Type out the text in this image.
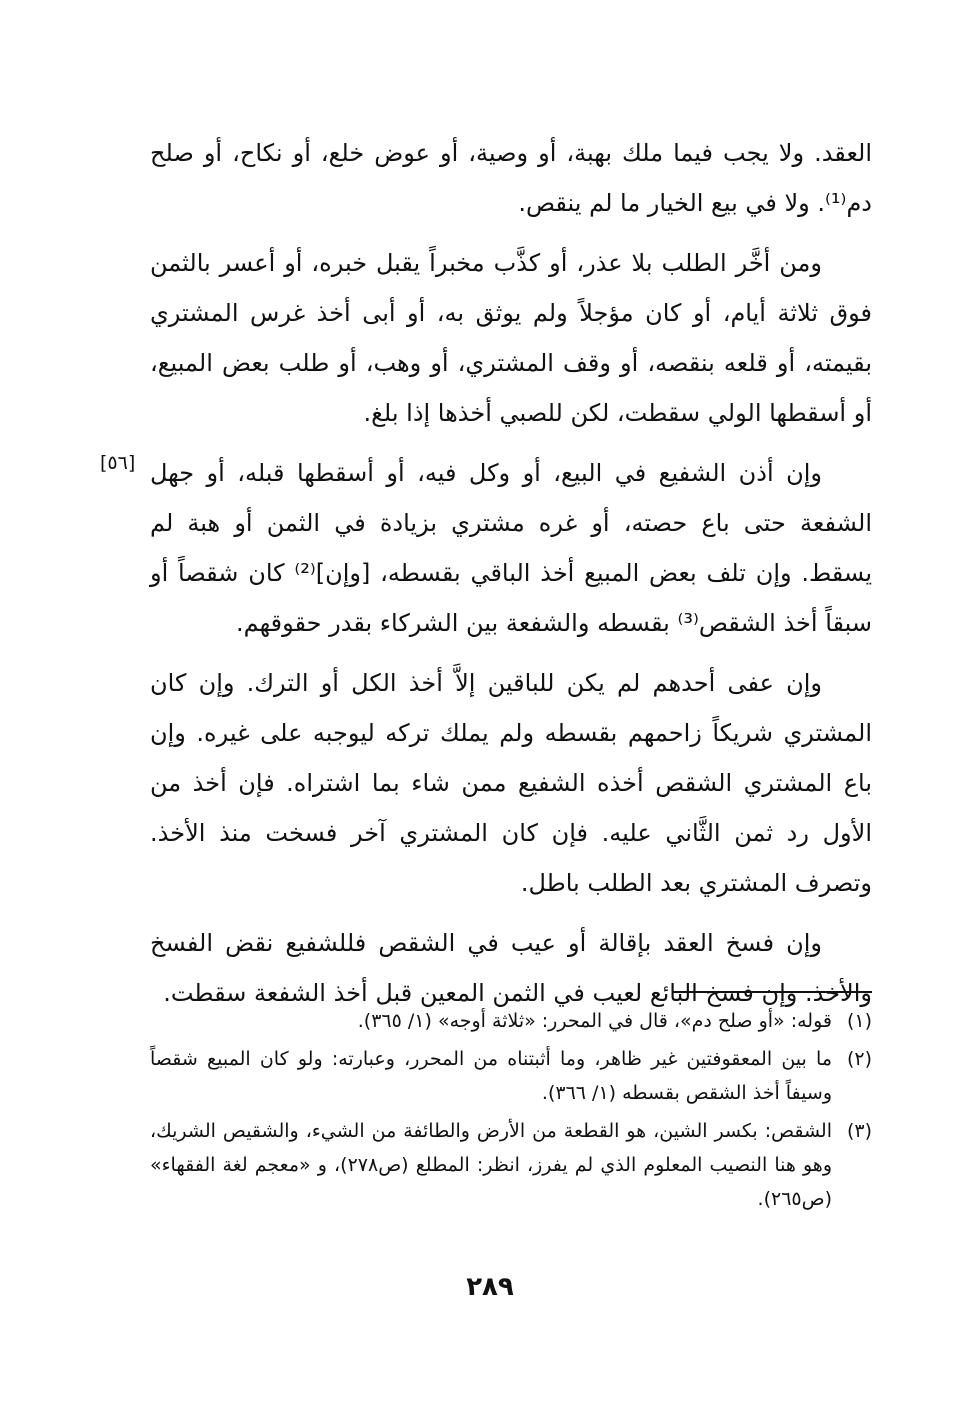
العقد. ولا يجب فيما ملك بهبة، أو وصية، أو عوض خلع، أو نكاح، أو صلح دم⁽¹⁾. ولا في بيع الخيار ما لم ينقص.

ومن أخَّر الطلب بلا عذر، أو كذَّب مخبراً يقبل خبره، أو أعسر بالثمن فوق ثلاثة أيام، أو كان مؤجلاً ولم يوثق به، أو أبى أخذ غرس المشتري بقيمته، أو قلعه بنقصه، أو وقف المشتري، أو وهب، أو طلب بعض المبيع، أو أسقطها الولي سقطت، لكن للصبي أخذها إذا بلغ.

وإن أذن الشفيع في البيع، أو وكل فيه، أو أسقطها قبله، أو جهل الشفعة حتى باع حصته، أو غره مشتري بزيادة في الثمن أو هبة لم يسقط. وإن تلف بعض المبيع أخذ الباقي بقسطه، [وإن]⁽²⁾ كان شقصاً أو سبقاً أخذ الشقص⁽³⁾ بقسطه والشفعة بين الشركاء بقدر حقوقهم.

وإن عفى أحدهم لم يكن للباقين إلاَّ أخذ الكل أو الترك. وإن كان المشتري شريكاً زاحمهم بقسطه ولم يملك تركه ليوجبه على غيره. وإن باع المشتري الشقص أخذه الشفيع ممن شاء بما اشتراه. فإن أخذ من الأول رد ثمن الثَّاني عليه. فإن كان المشتري آخر فسخت منذ الأخذ. وتصرف المشتري بعد الطلب باطل.

وإن فسخ العقد بإقالة أو عيب في الشقص فللشفيع نقض الفسخ والأخذ. وإن فسخ البائع لعيب في الثمن المعين قبل أخذ الشفعة سقطت.

[٥٦]
(١)
قوله: «أو صلح دم»، قال في المحرر: «ثلاثة أوجه» (١/ ٣٦٥).
(٢)
ما بين المعقوفتين غير ظاهر، وما أثبتناه من المحرر، وعبارته: ولو كان المبيع شقصاً وسيفاً أخذ الشقص بقسطه (١/ ٣٦٦).
(٣)
الشقص: بكسر الشين، هو القطعة من الأرض والطائفة من الشيء، والشقيص الشريك، وهو هنا النصيب المعلوم الذي لم يفرز، انظر: المطلع (ص٢٧٨)، و «معجم لغة الفقهاء» (ص٢٦٥).
٢٨٩
